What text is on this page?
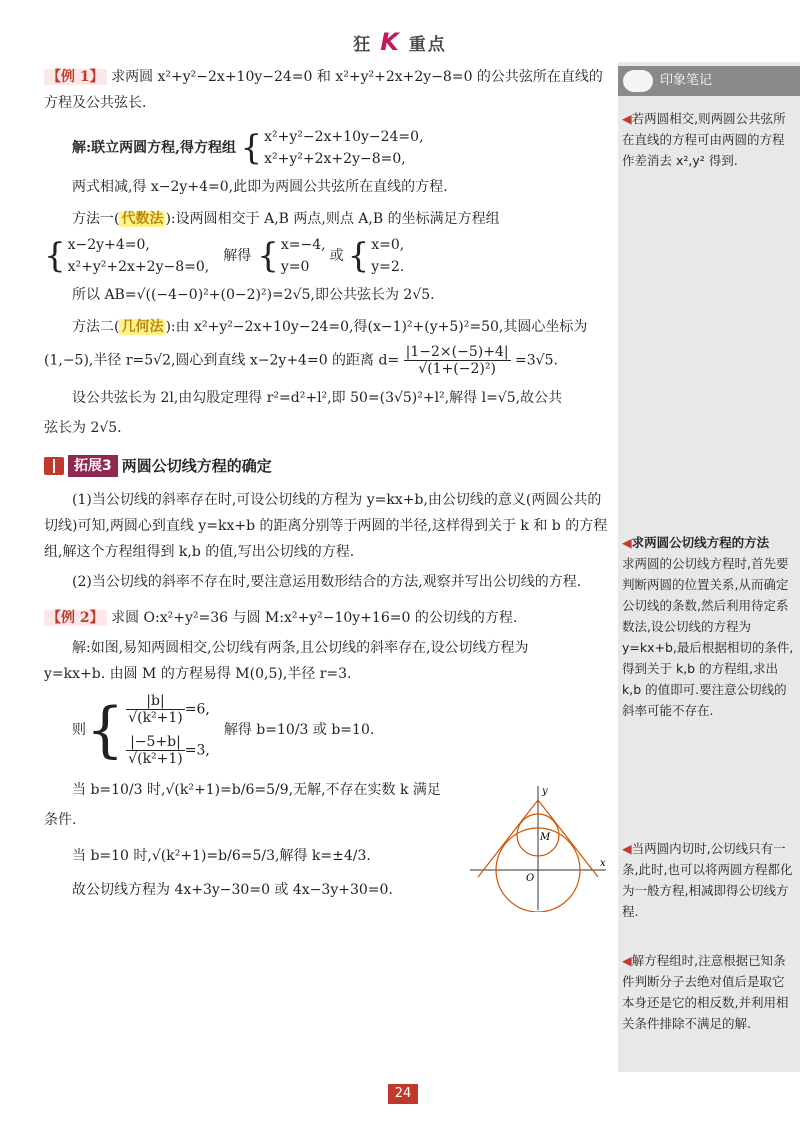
狂 K 重点

【例 1】 求两圆 x²+y²−2x+10y−24=0 和 x²+y²+2x+2y−8=0 的公共弦所在直线的方程及公共弦长.

解:联立两圆方程,得方程组 { x²+y²−2x+10y−24=0,
x²+y²+2x+2y−8=0,

两式相减,得 x−2y+4=0,此即为两圆公共弦所在直线的方程.

方法一( 代数法 ):设两圆相交于 A,B 两点,则点 A,B 的坐标满足方程组

{ x−2y+4=0,
x²+y²+2x+2y−8=0,
解得 { x=−4,
y=0
或 { x=0,
y=2.

所以 AB=√((−4−0)²+(0−2)²)=2√5,即公共弦长为 2√5.

方法二( 几何法 ):由 x²+y²−2x+10y−24=0,得(x−1)²+(y+5)²=50,其圆心坐标为

(1,−5),半径 r=5√2,圆心到直线 x−2y+4=0 的距离 $d= \frac{|1-2\times(-5)+4|}{\text{√(1+(−2)²)}} =3√5$.

设公共弦长为 2l,由勾股定理得 r²=d²+l²,即 50=(3√5)²+l²,解得 l=√5,故公共

弦长为 2√5.

拓展3 两圆公切线方程的确定

(1)当公切线的斜率存在时,可设公切线的方程为 y=kx+b,由公切线的意义(两圆公共的切线)可知,两圆心到直线 y=kx+b 的距离分别等于两圆的半径,这样得到关于 k 和 b 的方程组,解这个方程组得到 k,b 的值,写出公切线的方程.

(2)当公切线的斜率不存在时,要注意运用数形结合的方法,观察并写出公切线的方程.

【例 2】 求圆 O:x²+y²=36 与圆 M:x²+y²−10y+16=0 的公切线的方程.

解:如图,易知两圆相交,公切线有两条,且公切线的斜率存在,设公切线方程为

y=kx+b. 由圆 M 的方程易得 M(0,5),半径 r=3.

则 { $\frac{|b|}{\text{√(k²+1)}} =6$,
$\frac{|-5+b|}{\text{√(k²+1)}} =3$,
解得 b=10/3 或 b=10.

当 b=10/3 时,√(k²+1)=b/6=5/9,无解,不存在实数 k 满足

条件.

当 b=10 时,√(k²+1)=b/6=5/3,解得 k=±4/3.

故公切线方程为 4x+3y−30=0 或 4x−3y+30=0.

y
x
O
M
印象笔记
◀若两圆相交,则两圆公共弦所在直线的方程可由两圆的方程作差消去 x²,y² 得到.
◀求两圆公切线方程的方法
求两圆的公切线方程时,首先要判断两圆的位置关系,从而确定公切线的条数,然后利用待定系数法,设公切线的方程为 y=kx+b,最后根据相切的条件,得到关于 k,b 的方程组,求出 k,b 的值即可.要注意公切线的斜率可能不存在.
◀当两圆内切时,公切线只有一条,此时,也可以将两圆方程都化为一般方程,相减即得公切线方程.
◀解方程组时,注意根据已知条件判断分子去绝对值后是取它本身还是它的相反数,并利用相关条件排除不满足的解.
24
